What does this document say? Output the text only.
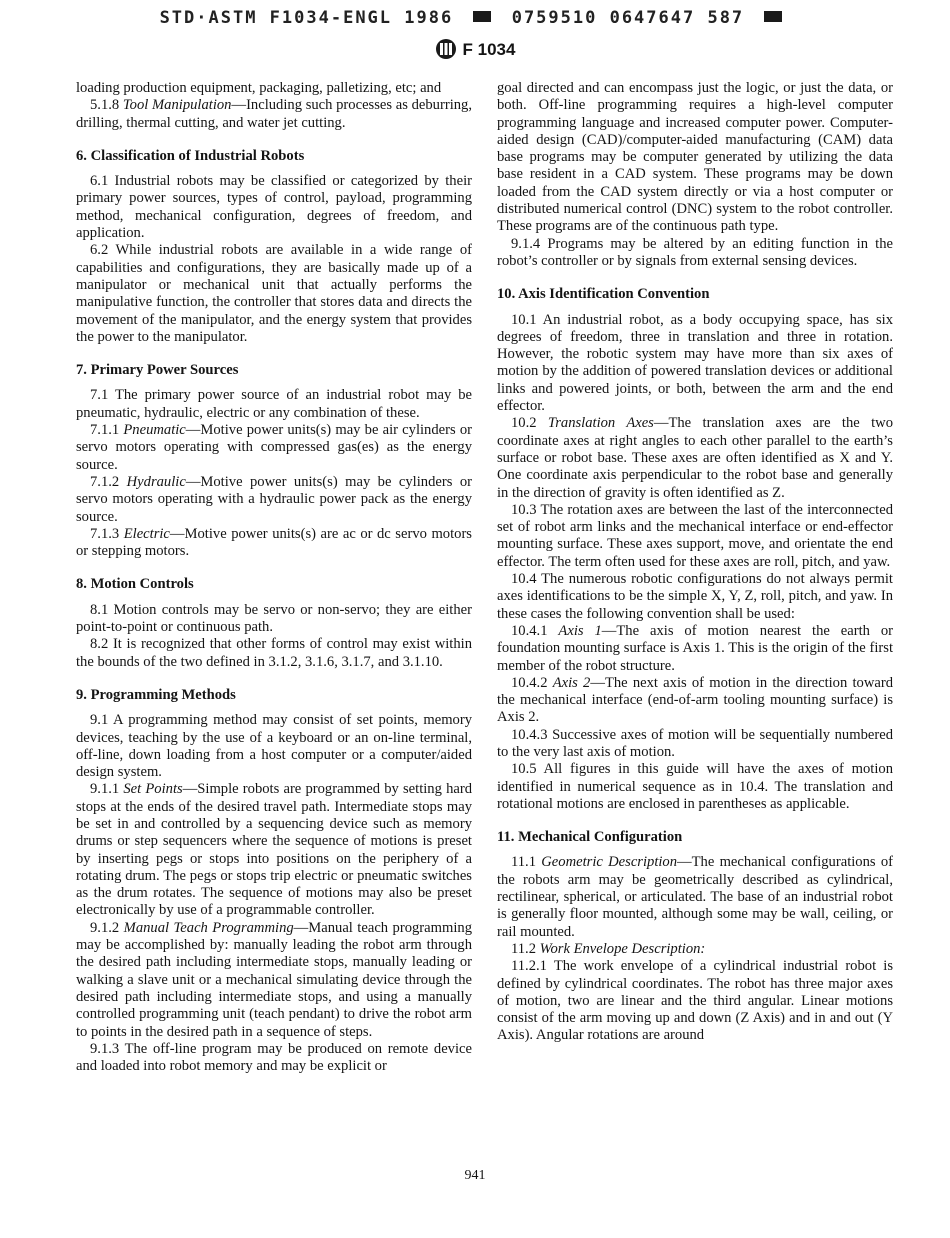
STD·ASTM F1034-ENGL 1986	0759510 0647647 587
F 1034

loading production equipment, packaging, palletizing, etc; and

5.1.8 Tool Manipulation—Including such processes as deburring, drilling, thermal cutting, and water jet cutting.

6. Classification of Industrial Robots

6.1 Industrial robots may be classified or categorized by their primary power sources, types of control, payload, programming method, mechanical configuration, degrees of freedom, and application.

6.2 While industrial robots are available in a wide range of capabilities and configurations, they are basically made up of a manipulator or mechanical unit that actually performs the manipulative function, the controller that stores data and directs the movement of the manipulator, and the energy system that provides the power to the manipulator.

7. Primary Power Sources

7.1 The primary power source of an industrial robot may be pneumatic, hydraulic, electric or any combination of these.

7.1.1 Pneumatic—Motive power units(s) may be air cylinders or servo motors operating with compressed gas(es) as the energy source.

7.1.2 Hydraulic—Motive power units(s) may be cylinders or servo motors operating with a hydraulic power pack as the energy source.

7.1.3 Electric—Motive power units(s) are ac or dc servo motors or stepping motors.

8. Motion Controls

8.1 Motion controls may be servo or non-servo; they are either point-to-point or continuous path.

8.2 It is recognized that other forms of control may exist within the bounds of the two defined in 3.1.2, 3.1.6, 3.1.7, and 3.1.10.

9. Programming Methods

9.1 A programming method may consist of set points, memory devices, teaching by the use of a keyboard or an on-line terminal, off-line, down loading from a host computer or a computer/aided design system.

9.1.1 Set Points—Simple robots are programmed by setting hard stops at the ends of the desired travel path. Intermediate stops may be set in and controlled by a sequencing device such as memory drums or step sequencers where the sequence of motions is preset by inserting pegs or stops into positions on the periphery of a rotating drum. The pegs or stops trip electric or pneumatic switches as the drum rotates. The sequence of motions may also be preset electronically by use of a programmable controller.

9.1.2 Manual Teach Programming—Manual teach programming may be accomplished by: manually leading the robot arm through the desired path including intermediate stops, manually leading or walking a slave unit or a mechanical simulating device through the desired path including intermediate stops, and using a manually controlled programming unit (teach pendant) to drive the robot arm to points in the desired path in a sequence of steps.

9.1.3 The off-line program may be produced on remote device and loaded into robot memory and may be explicit or

goal directed and can encompass just the logic, or just the data, or both. Off-line programming requires a high-level computer programming language and increased computer power. Computer-aided design (CAD)/computer-aided manufacturing (CAM) data base programs may be computer generated by utilizing the data base resident in a CAD system. These programs may be down loaded from the CAD system directly or via a host computer or distributed numerical control (DNC) system to the robot controller. These programs are of the continuous path type.

9.1.4 Programs may be altered by an editing function in the robot’s controller or by signals from external sensing devices.

10. Axis Identification Convention

10.1 An industrial robot, as a body occupying space, has six degrees of freedom, three in translation and three in rotation. However, the robotic system may have more than six axes of motion by the addition of powered translation devices or additional links and powered joints, or both, between the arm and the end effector.

10.2 Translation Axes—The translation axes are the two coordinate axes at right angles to each other parallel to the earth’s surface or robot base. These axes are often identified as X and Y. One coordinate axis perpendicular to the robot base and generally in the direction of gravity is often identified as Z.

10.3 The rotation axes are between the last of the interconnected set of robot arm links and the mechanical interface or end-effector mounting surface. These axes support, move, and orientate the end effector. The term often used for these axes are roll, pitch, and yaw.

10.4 The numerous robotic configurations do not always permit axes identifications to be the simple X, Y, Z, roll, pitch, and yaw. In these cases the following convention shall be used:

10.4.1 Axis 1—The axis of motion nearest the earth or foundation mounting surface is Axis 1. This is the origin of the first member of the robot structure.

10.4.2 Axis 2—The next axis of motion in the direction toward the mechanical interface (end-of-arm tooling mounting surface) is Axis 2.

10.4.3 Successive axes of motion will be sequentially numbered to the very last axis of motion.

10.5 All figures in this guide will have the axes of motion identified in numerical sequence as in 10.4. The translation and rotational motions are enclosed in parentheses as applicable.

11. Mechanical Configuration

11.1 Geometric Description—The mechanical configurations of the robots arm may be geometrically described as cylindrical, rectilinear, spherical, or articulated. The base of an industrial robot is generally floor mounted, although some may be wall, ceiling, or rail mounted.

11.2 Work Envelope Description:

11.2.1 The work envelope of a cylindrical industrial robot is defined by cylindrical coordinates. The robot has three major axes of motion, two are linear and the third angular. Linear motions consist of the arm moving up and down (Z Axis) and in and out (Y Axis). Angular rotations are around

941
